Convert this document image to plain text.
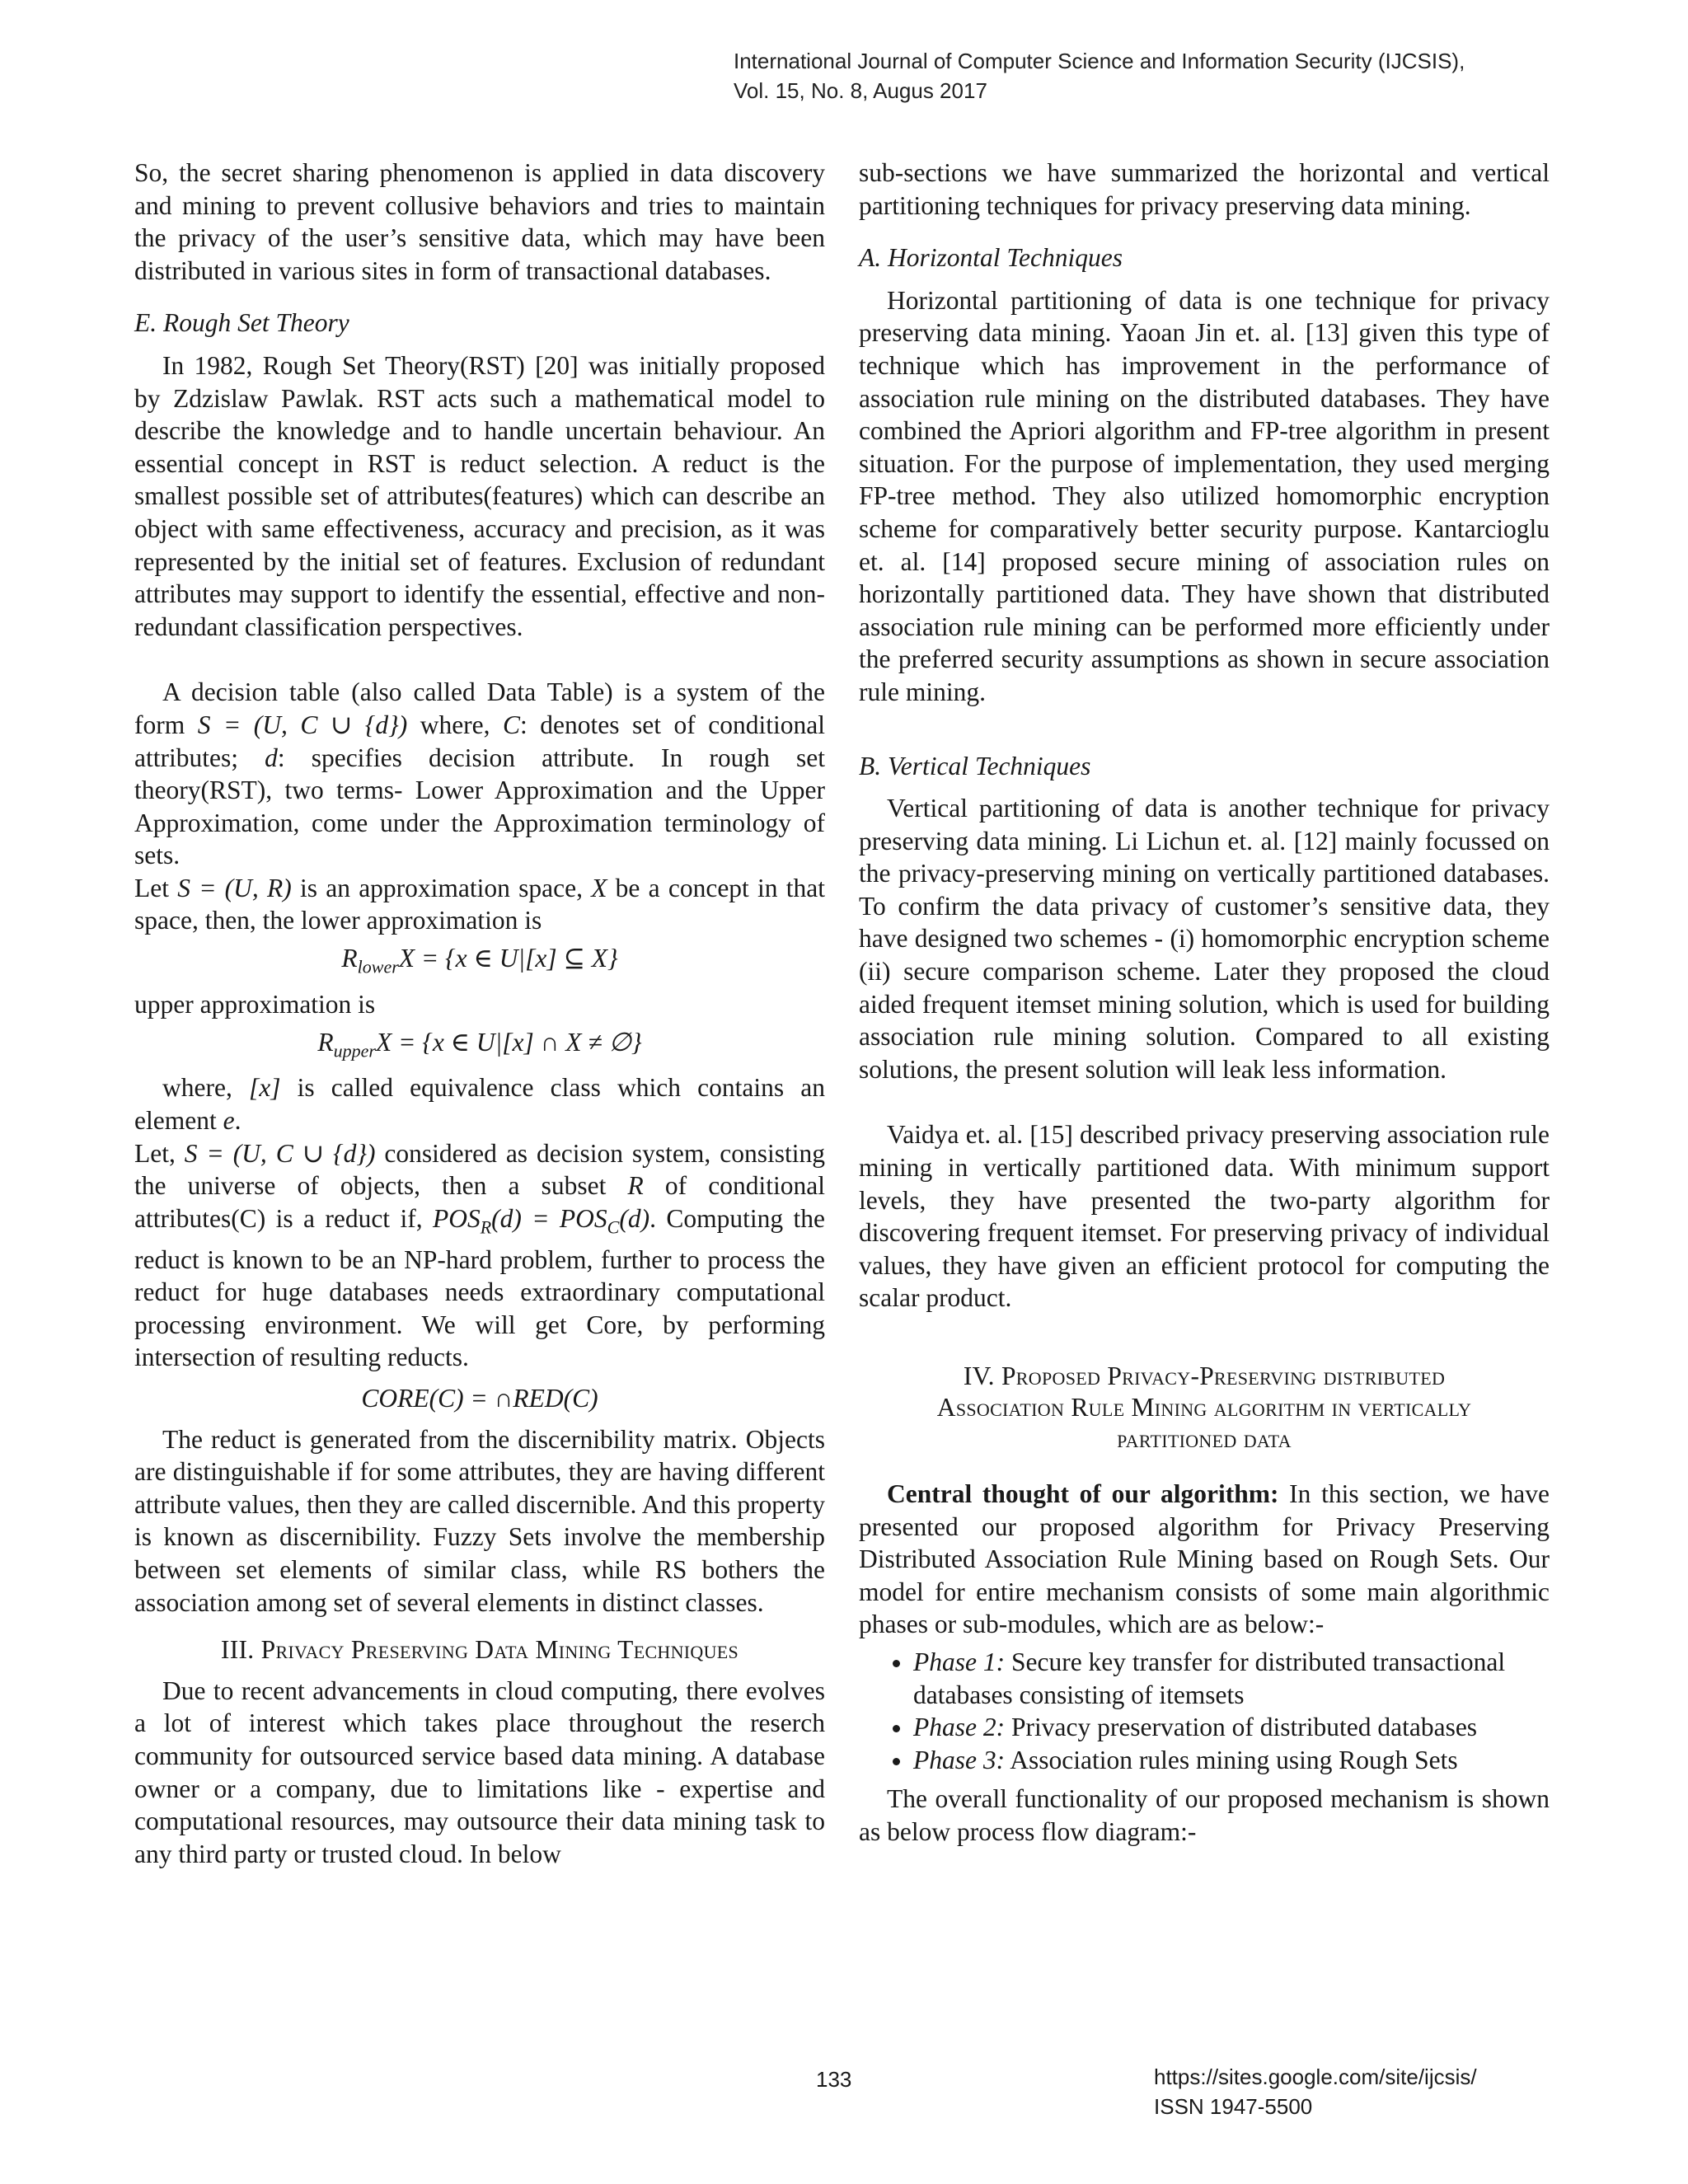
International Journal of Computer Science and Information Security (IJCSIS),
Vol. 15, No. 8, Augus 2017

So, the secret sharing phenomenon is applied in data discovery and mining to prevent collusive behaviors and tries to maintain the privacy of the user’s sensitive data, which may have been distributed in various sites in form of transactional databases.

E. Rough Set Theory

In 1982, Rough Set Theory(RST) [20] was initially proposed by Zdzislaw Pawlak. RST acts such a mathematical model to describe the knowledge and to handle uncertain behaviour. An essential concept in RST is reduct selection. A reduct is the smallest possible set of attributes(features) which can describe an object with same effectiveness, accuracy and precision, as it was represented by the initial set of features. Exclusion of redundant attributes may support to identify the essential, effective and non-redundant classification perspectives.

A decision table (also called Data Table) is a system of the form S = (U, C ∪ {d}) where, C: denotes set of conditional attributes; d: specifies decision attribute. In rough set theory(RST), two terms- Lower Approximation and the Upper Approximation, come under the Approximation terminology of sets.

Let S = (U, R) is an approximation space, X be a concept in that space, then, the lower approximation is

$R_{lower}X = \{x$ ∈ U|[x] ⊆ X}

upper approximation is

$R_{upper}X = \{x$ ∈ U|[x] ∩ X ≠ ∅}

where, [x] is called equivalence class which contains an element e.

Let, S = (U, C ∪ {d}) considered as decision system, consisting the universe of objects, then a subset R of conditional attributes(C) is a reduct if, $POS_R(d) = POS_C(d)$. Computing the reduct is known to be an NP-hard problem, further to process the reduct for huge databases needs extraordinary computational processing environment. We will get Core, by performing intersection of resulting reducts.

CORE(C) = ∩RED(C)

The reduct is generated from the discernibility matrix. Objects are distinguishable if for some attributes, they are having different attribute values, then they are called discernible. And this property is known as discernibility. Fuzzy Sets involve the membership between set elements of similar class, while RS bothers the association among set of several elements in distinct classes.

III. Privacy Preserving Data Mining Techniques

Due to recent advancements in cloud computing, there evolves a lot of interest which takes place throughout the reserch community for outsourced service based data mining. A database owner or a company, due to limitations like - expertise and computational resources, may outsource their data mining task to any third party or trusted cloud. In below

sub-sections we have summarized the horizontal and vertical partitioning techniques for privacy preserving data mining.

A. Horizontal Techniques

Horizontal partitioning of data is one technique for privacy preserving data mining. Yaoan Jin et. al. [13] given this type of technique which has improvement in the performance of association rule mining on the distributed databases. They have combined the Apriori algorithm and FP-tree algorithm in present situation. For the purpose of implementation, they used merging FP-tree method. They also utilized homomorphic encryption scheme for comparatively better security purpose. Kantarcioglu et. al. [14] proposed secure mining of association rules on horizontally partitioned data. They have shown that distributed association rule mining can be performed more efficiently under the preferred security assumptions as shown in secure association rule mining.

B. Vertical Techniques

Vertical partitioning of data is another technique for privacy preserving data mining. Li Lichun et. al. [12] mainly focussed on the privacy-preserving mining on vertically partitioned databases. To confirm the data privacy of customer’s sensitive data, they have designed two schemes - (i) homomorphic encryption scheme (ii) secure comparison scheme. Later they proposed the cloud aided frequent itemset mining solution, which is used for building association rule mining solution. Compared to all existing solutions, the present solution will leak less information.

Vaidya et. al. [15] described privacy preserving association rule mining in vertically partitioned data. With minimum support levels, they have presented the two-party algorithm for discovering frequent itemset. For preserving privacy of individual values, they have given an efficient protocol for computing the scalar product.

IV. Proposed Privacy-Preserving distributed
Association Rule Mining algorithm in vertically
partitioned data

Central thought of our algorithm: In this section, we have presented our proposed algorithm for Privacy Preserving Distributed Association Rule Mining based on Rough Sets. Our model for entire mechanism consists of some main algorithmic phases or sub-modules, which are as below:-

• Phase 1: Secure key transfer for distributed transactional databases consisting of itemsets
• Phase 2: Privacy preservation of distributed databases
• Phase 3: Association rules mining using Rough Sets

The overall functionality of our proposed mechanism is shown as below process flow diagram:-

133	https://sites.google.com/site/ijcsis/
ISSN 1947-5500
